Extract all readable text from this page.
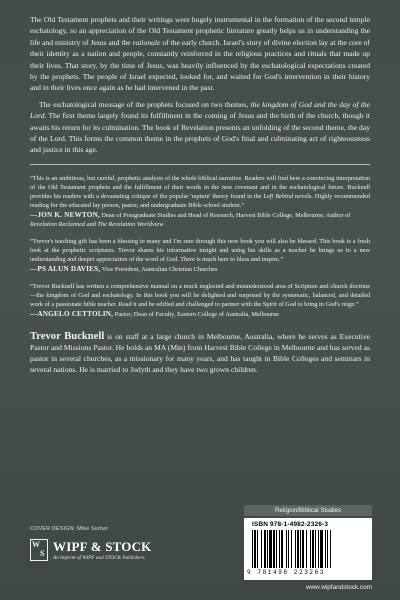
The Old Testament prophets and their writings were hugely instrumental in the formation of the second temple eschatology, so an appreciation of the Old Testament prophetic literature greatly helps us in understanding the life and ministry of Jesus and the rationale of the early church. Israel's story of divine election lay at the core of their identity as a nation and people, constantly reinforced in the religious practices and rituals that made up their lives. That story, by the time of Jesus, was heavily influenced by the eschatological expectations created by the prophets. The people of Israel expected, looked for, and waited for God's intervention in their history and in their lives once again as he had intervened in the past.

The eschatological message of the prophets focused on two themes, the kingdom of God and the day of the Lord. The first theme largely found its fulfillment in the coming of Jesus and the birth of the church, though it awaits his return for its culmination. The book of Revelation presents an unfolding of the second theme, the day of the Lord. This forms the common theme in the prophets of God's final and culminating act of righteousness and justice in this age.

“This is an ambitious, but careful, prophetic analysis of the whole biblical narrative. Readers will find here a convincing interpretation of the Old Testament prophets and the fulfillment of their words in the new covenant and in the eschatological future. Bucknell provides his readers with a devastating critique of the popular 'rapture' theory found in the Left Behind novels. Highly recommended reading for the educated lay person, pastor, and undergraduate Bible school student.”

—JON K. NEWTON, Dean of Postgraduate Studies and Head of Research, Harvest Bible College, Melbourne; Author of Revelation Reclaimed and The Revelation Worldview

“Trevor's teaching gift has been a blessing to many and I'm sure through this new book you will also be blessed. This book is a fresh look at the prophetic scriptures. Trevor shares his informative insight and using his skills as a teacher he brings us to a new understanding and deeper appreciation of the word of God. There is much here to bless and inspire.”

—PS ALUN DAVIES, Vice President, Australian Christian Churches

“Trevor Bucknell has written a comprehensive manual on a much neglected and misunderstood area of Scripture and church doctrine—the kingdom of God and eschatology. In this book you will be delighted and surprised by the systematic, balanced, and detailed work of a passionate bible teacher. Read it and be edified and challenged to partner with the Spirit of God to bring in God's reign.”

—ANGELO CETTOLIN, Pastor; Dean of Faculty, Eastern College of Australia, Melbourne

Trevor Bucknell is on staff at a large church in Melbourne, Australia, where he serves as Executive Pastor and Missions Pastor. He holds an MA (Min) from Harvest Bible College in Melbourne and has served as pastor in several churches, as a missionary for many years, and has taught in Bible Colleges and seminars in several nations. He is married to Judyth and they have two grown children.
COVER DESIGN: Mike Surber
W
S WIPF & STOCK
An Imprint of WIPF and STOCK Publishers
Religion/Biblical Studies
ISBN 978-1-4982-2326-3
9 781498 223263
www.wipfandstock.com
